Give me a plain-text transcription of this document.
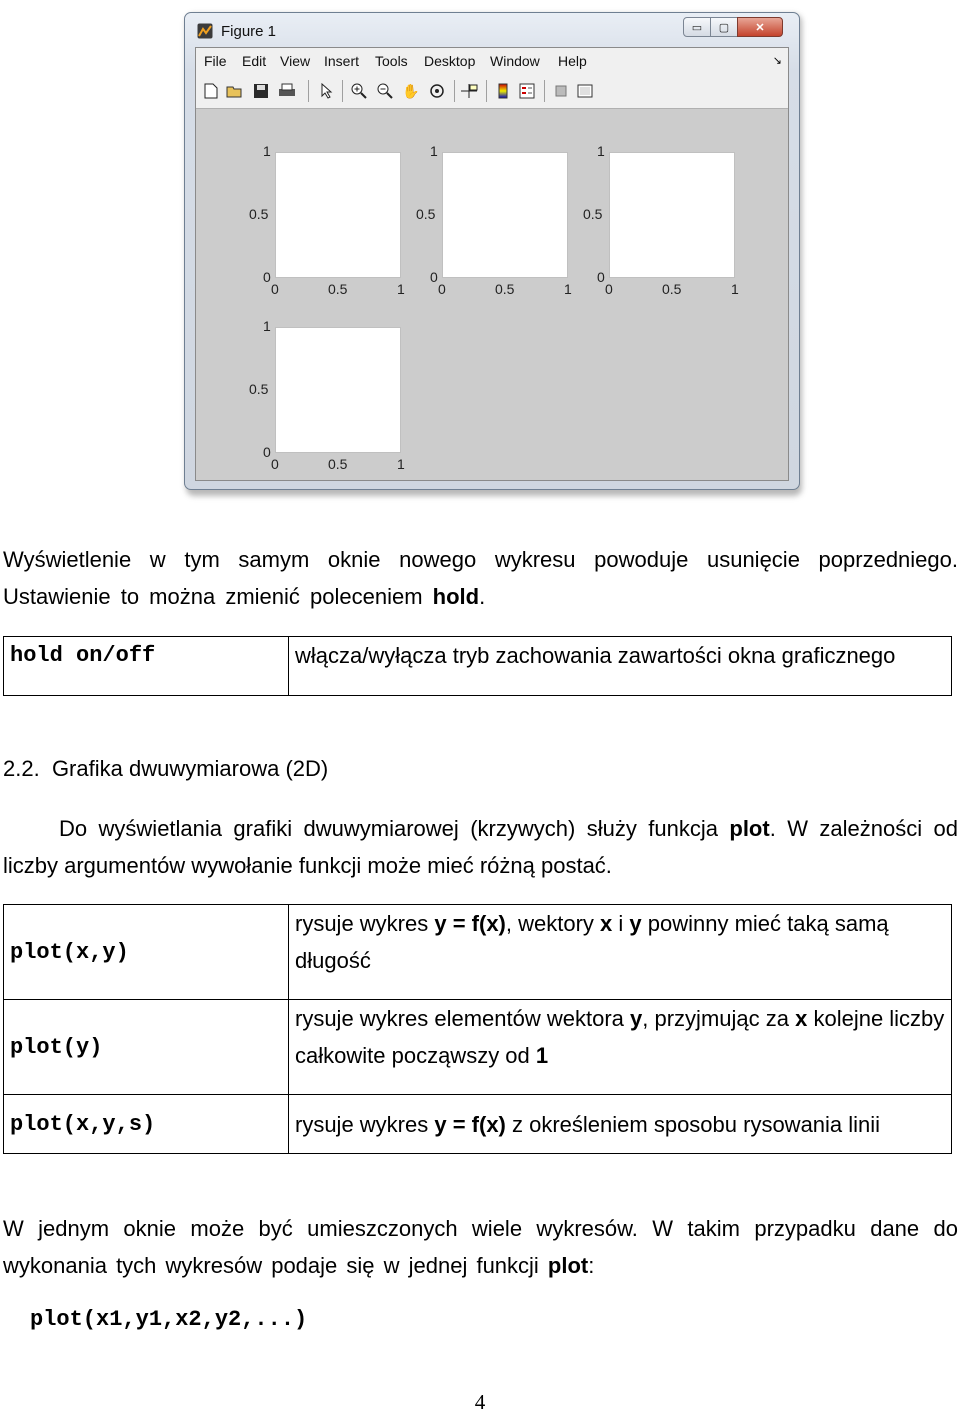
Figure 1	▭	▢	✕
File Edit View Insert Tools Desktop Window Help	↘
✋
0
0.5
1
0	0.5	1
0
0.5
1
0	0.5	1
0
0.5
1
0	0.5	1
0
0.5
1
0	0.5	1
Wyświetlenie w tym samym oknie nowego wykresu powoduje usunięcie poprzedniego. Ustawienie to można zmienić poleceniem hold.
hold on/off	włącza/wyłącza tryb zachowania zawartości okna graficznego
2.2. Grafika dwuwymiarowa (2D)
Do wyświetlania grafiki dwuwymiarowej (krzywych) służy funkcja plot. W zależności od liczby argumentów wywołanie funkcji może mieć różną postać.
plot(x,y)	rysuje wykres y = f(x), wektory x i y powinny mieć taką samą długość
plot(y)	rysuje wykres elementów wektora y, przyjmując za x kolejne liczby całkowite począwszy od 1
plot(x,y,s)	rysuje wykres y = f(x) z określeniem sposobu rysowania linii
W jednym oknie może być umieszczonych wiele wykresów. W takim przypadku dane do wykonania tych wykresów podaje się w jednej funkcji plot:
plot(x1,y1,x2,y2,...)
4
